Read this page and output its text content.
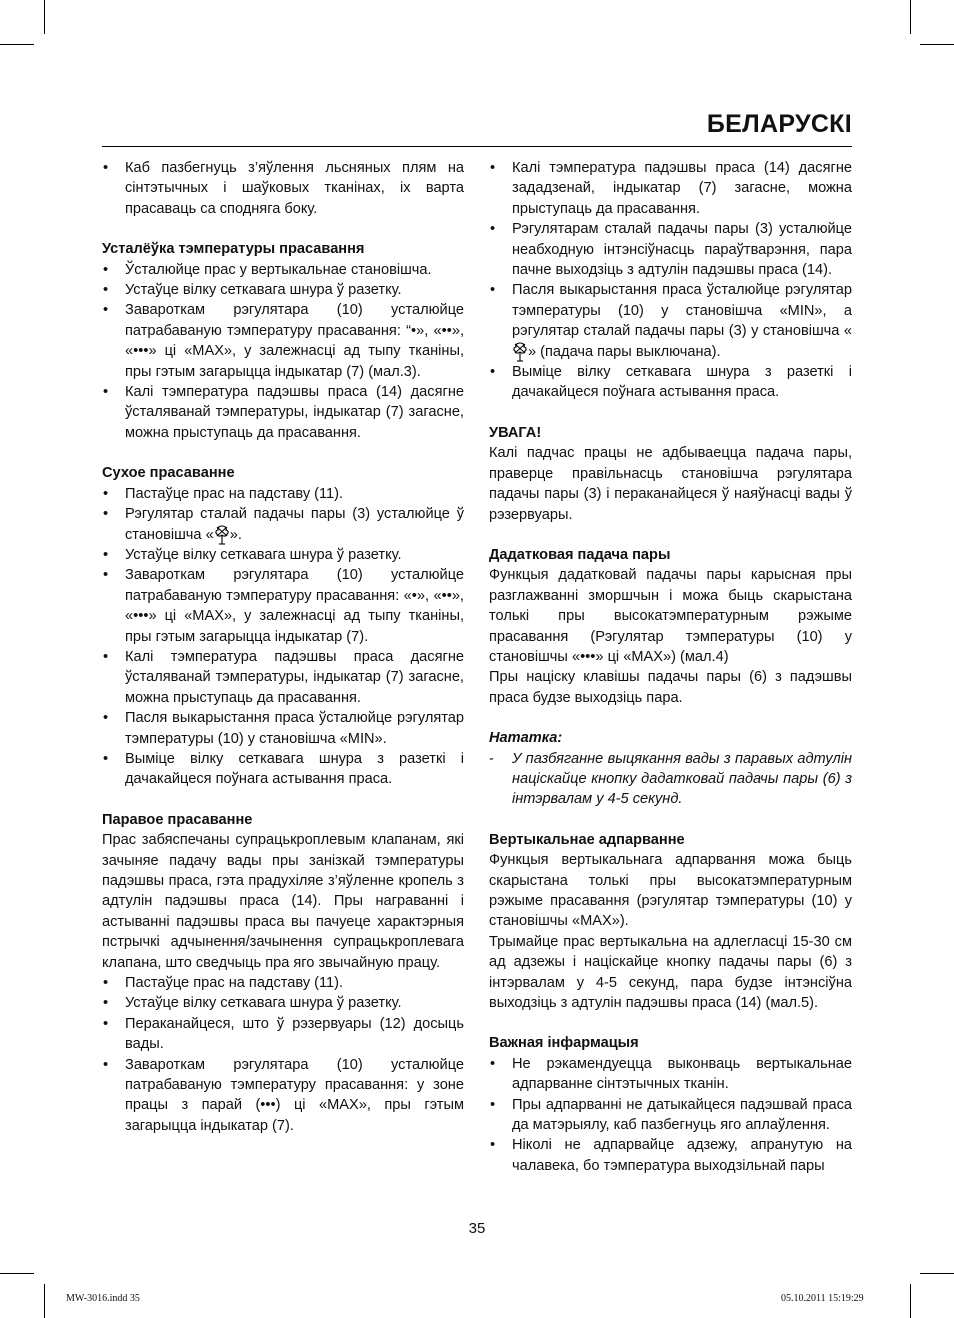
БЕЛАРУСКІ
• Каб пазбегнуць з’яўлення льсняных плям на сінтэтычных і шаўковых тканінах, іх варта прасаваць са сподняга боку.
Усталёўка тэмпературы прасавання
• Ўсталюйце прас у вертыкальнае становішча.
• Устаўце вілку сеткавага шнура ў разетку.
• Завароткам рэгулятара (10) усталюйце патрабаваную тэмпературу прасавання: “•», «••», «•••» ці «MAX», у залежнасці ад тыпу тканіны, пры гэтым загарыцца індыкатар (7) (мал.3).
• Калі тэмпература падэшвы праса (14) дасягне ўсталяванай тэмпературы, індыкатар (7) загасне, можна прыступаць да прасавання.
Сухое прасаванне
• Пастаўце прас на падставу (11).
• Рэгулятар сталай падачы пары (3) усталюйце ў становішча « ».
• Устаўце вілку сеткавага шнура ў разетку.
• Завароткам рэгулятара (10) усталюйце патрабаваную тэмпературу прасавання: «•», «••», «•••» ці «MAX», у залежнасці ад тыпу тканіны, пры гэтым загарыцца індыкатар (7).
• Калі тэмпература падэшвы праса дасягне ўсталяванай тэмпературы, індыкатар (7) загасне, можна прыступаць да прасавання.
• Пасля выкарыстання праса ўсталюйце рэгулятар тэмпературы (10) у становішча «MIN».
• Выміце вілку сеткавага шнура з разеткі і дачакайцеся поўнага астывання праса.
Паравое прасаванне

Прас забяспечаны супрацькроплевым клапанам, які зачыняе падачу вады пры занізкай тэмпературы падэшвы праса, гэта прадухіляе з’яўленне кропель з адтулін падэшвы праса (14). Пры награванні і астыванні падэшвы праса вы пачуеце характэрныя пстрычкі адчынення/зачынення супрацькроплевага клапана, што сведчыць пра яго звычайную працу.

• Пастаўце прас на падставу (11).
• Устаўце вілку сеткавага шнура ў разетку.
• Пераканайцеся, што ў рэзервуары (12) досыць вады.
• Завароткам рэгулятара (10) усталюйце патрабаваную тэмпературу прасавання: у зоне працы з парай (•••) ці «MAX», пры гэтым загарыцца індыкатар (7).
• Калі тэмпература падэшвы праса (14) дасягне зададзенай, індыкатар (7) загасне, можна прыступаць да прасавання.
• Рэгулятарам сталай падачы пары (3) усталюйце неабходную інтэнсіўнасць параўтварэння, пара пачне выходзіць з адтулін падэшвы праса (14).
• Пасля выкарыстання праса ўсталюйце рэгулятар тэмпературы (10) у становішча «MIN», а рэгулятар сталай падачы пары (3) у становішча «
» (падача пары выключана).
• Выміце вілку сеткавага шнура з разеткі і дачакайцеся поўнага астывання праса.
УВАГА!

Калі падчас працы не адбываецца падача пары, праверце правільнасць становішча рэгулятара падачы пары (3) і пераканайцеся ў наяўнасці вады ў рэзервуары.

Дадатковая падача пары

Функцыя дадатковай падачы пары карысная пры разглажванні зморшчын і можа быць скарыстана толькі пры высокатэмпературным рэжыме прасавання (Рэгулятар тэмпературы (10) у становішчы «•••» ці «MAX») (мал.4)

Пры націску клавішы падачы пары (6) з падэшвы праса будзе выходзіць пара.

Нататка:
- У пазбяганне выцякання вады з паравых адтулін націскайце кнопку дадатковай падачы пары (6) з інтэрвалам у 4-5 секунд.
Вертыкальнае адпарванне

Функцыя вертыкальнага адпарвання можа быць скарыстана толькі пры высокатэмпературным рэжыме прасавання (рэгулятар тэмпературы (10) у становішчы «MAX»).

Трымайце прас вертыкальна на адлегласці 15-30 см ад адзежы і націскайце кнопку падачы пары (6) з інтэрвалам у 4-5 секунд, пара будзе інтэнсіўна выходзіць з адтулін падэшвы праса (14) (мал.5).

Важная інфармацыя
• Не рэкамендуецца выконваць вертыкальнае адпарванне сінтэтычных тканін.
• Пры адпарванні не датыкайцеся падэшвай праса да матэрыялу, каб пазбегнуць яго аплаўлення.
• Ніколі не адпарвайце адзежу, апранутую на чалавека, бо тэмпература выходзільнай пары
35
MW-3016.indd 35	05.10.2011 15:19:29
